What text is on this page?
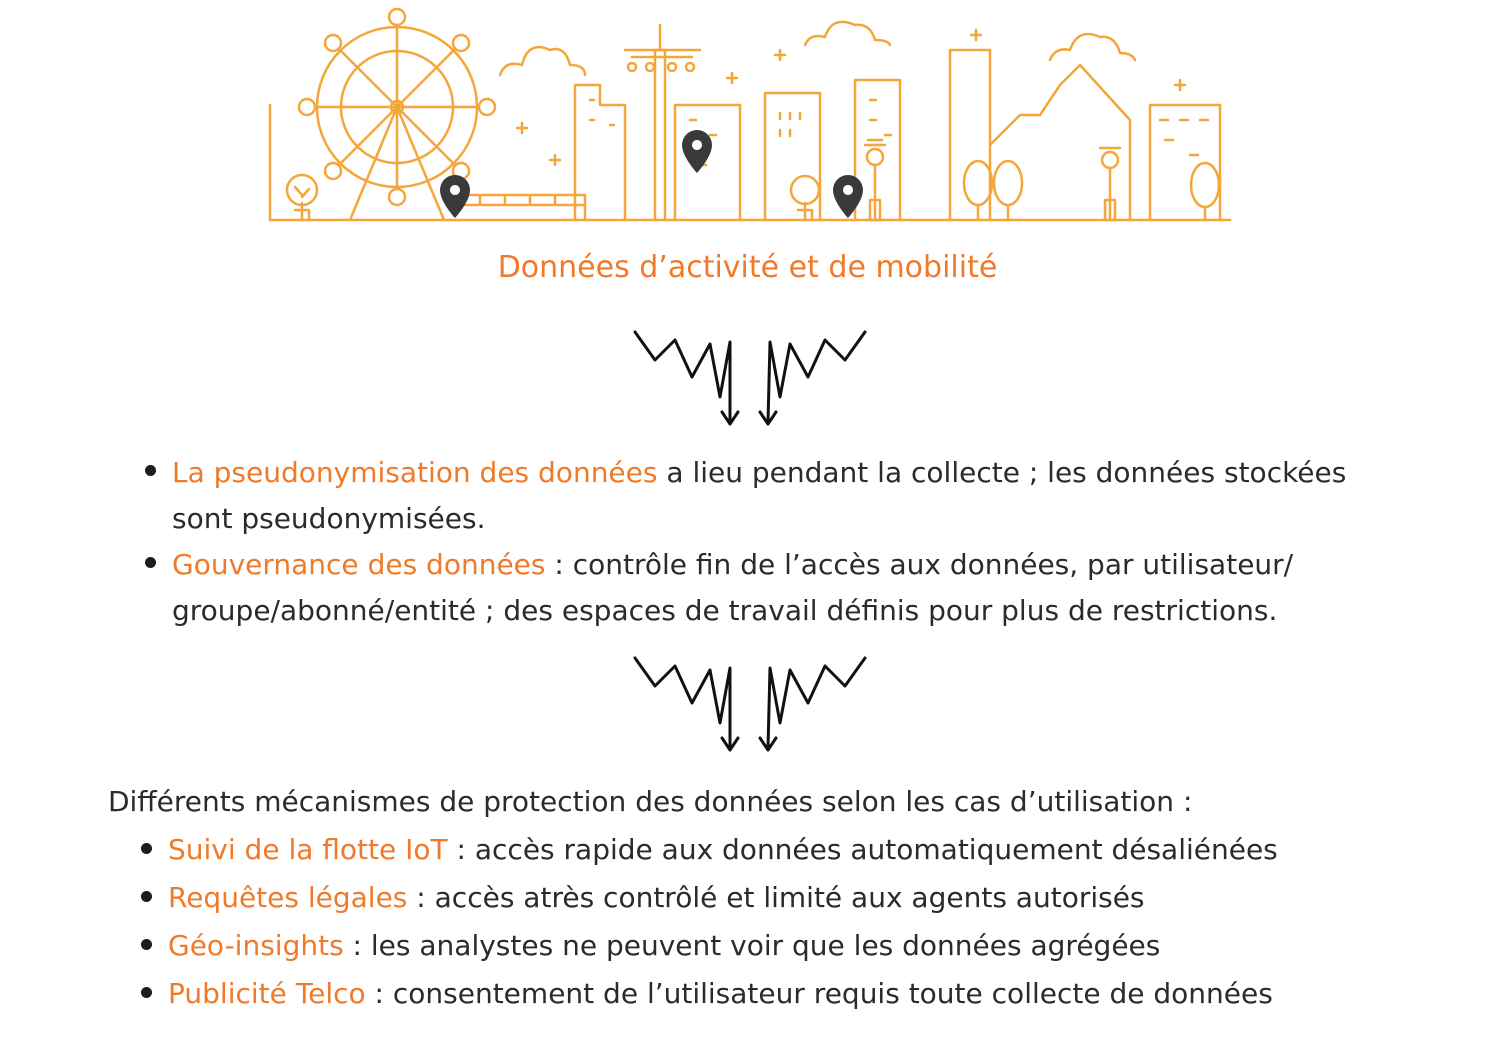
Données d’activité et de mobilité
La pseudonymisation des données a lieu pendant la collecte ; les données stockées sont pseudonymisées.
Gouvernance des données : contrôle fin de l’accès aux données, par utilisateur/ groupe/abonné/entité ; des espaces de travail définis pour plus de restrictions.
Différents mécanismes de protection des données selon les cas d’utilisation :
Suivi de la flotte IoT : accès rapide aux données automatiquement désaliénées
Requêtes légales : accès atrès contrôlé et limité aux agents autorisés
Géo-insights : les analystes ne peuvent voir que les données agrégées
Publicité Telco : consentement de l’utilisateur requis toute collecte de données
